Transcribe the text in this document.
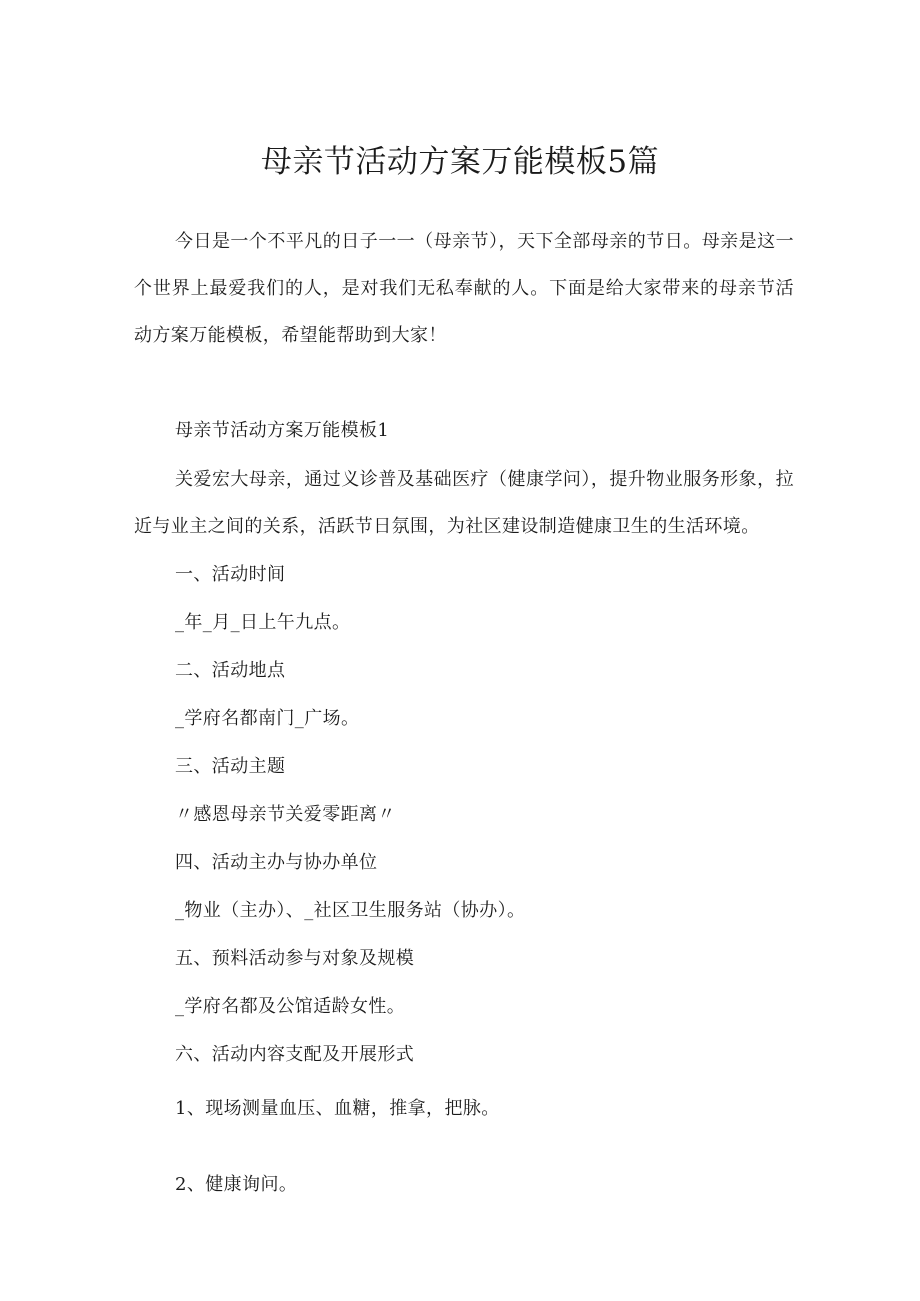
母亲节活动方案万能模板5篇
今日是一个不平凡的日子一一（母亲节），天下全部母亲的节日。母亲是这一个世界上最爱我们的人，是对我们无私奉献的人。下面是给大家带来的母亲节活动方案万能模板，希望能帮助到大家！
母亲节活动方案万能模板1
关爱宏大母亲，通过义诊普及基础医疗（健康学问），提升物业服务形象，拉近与业主之间的关系，活跃节日氛围，为社区建设制造健康卫生的生活环境。
一、活动时间
_年_月_日上午九点。
二、活动地点
_学府名都南门_广场。
三、活动主题
〃感恩母亲节关爱零距离〃
四、活动主办与协办单位
_物业（主办）、_社区卫生服务站（协办）。
五、预料活动参与对象及规模
_学府名都及公馆适龄女性。
六、活动内容支配及开展形式
1、现场测量血压、血糖，推拿，把脉。
2、健康询问。
